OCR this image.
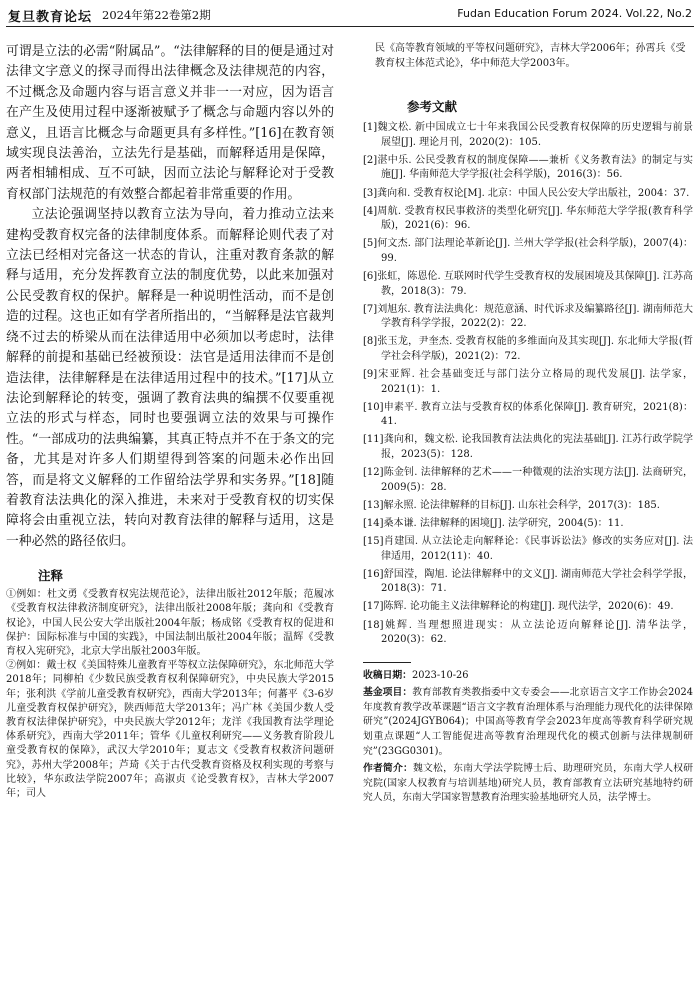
复旦教育论坛 2024年第22卷第2期	Fudan Education Forum 2024. Vol.22, No.2

可谓是立法的必需“附属品”。“法律解释的目的便是通过对法律文字意义的探寻而得出法律概念及法律规范的内容，不过概念及命题内容与语言意义并非一一对应，因为语言在产生及使用过程中逐渐被赋予了概念与命题内容以外的意义，且语言比概念与命题更具有多样性。”[16]在教育领域实现良法善治，立法先行是基础，而解释适用是保障，两者相辅相成、互不可缺，因而立法论与解释论对于受教育权部门法规范的有效整合都起着非常重要的作用。

立法论强调坚持以教育立法为导向，着力推动立法来建构受教育权完备的法律制度体系。而解释论则代表了对立法已经相对完备这一状态的肯认，注重对教育条款的解释与适用，充分发挥教育立法的制度优势，以此来加强对公民受教育权的保护。解释是一种说明性活动，而不是创造的过程。这也正如有学者所指出的，“当解释是法官裁判绕不过去的桥梁从而在法律适用中必须加以考虑时，法律解释的前提和基础已经被预设：法官是适用法律而不是创造法律，法律解释是在法律适用过程中的技术。”[17]从立法论到解释论的转变，强调了教育法典的编撰不仅要重视立法的形式与样态，同时也要强调立法的效果与可操作性。“一部成功的法典编纂，其真正特点并不在于条文的完备，尤其是对许多人们期望得到答案的问题未必作出回答，而是将文义解释的工作留给法学界和实务界。”[18]随着教育法法典化的深入推进，未来对于受教育权的切实保障将会由重视立法，转向对教育法律的解释与适用，这是一种必然的路径依归。

注释

①例如：杜文勇《受教育权宪法规范论》，法律出版社2012年版；范履冰《受教育权法律救济制度研究》，法律出版社2008年版；龚向和《受教育权论》，中国人民公安大学出版社2004年版；杨成铭《受教育权的促进和保护：国际标准与中国的实践》，中国法制出版社2004年版；温辉《受教育权入宪研究》，北京大学出版社2003年版。

②例如：戴士权《美国特殊儿童教育平等权立法保障研究》，东北师范大学2018年；同柳柏《少数民族受教育权利保障研究》，中央民族大学2015年；张利洪《学前儿童受教育权研究》，西南大学2013年；何蕃平《3-6岁儿童受教育权保护研究》，陕西师范大学2013年；冯广林《美国少数人受教育权法律保护研究》，中央民族大学2012年；龙洋《我国教育法学理论体系研究》，西南大学2011年；管华《儿童权利研究——义务教育阶段儿童受教育权的保障》，武汉大学2010年；夏志文《受教育权救济问题研究》，苏州大学2008年；芦琦《关于古代受教育资格及权利实现的考察与比较》，华东政法学院2007年；高淑贞《论受教育权》，吉林大学2007年；司人

民《高等教育领域的平等权问题研究》，吉林大学2006年；孙霄兵《受教育权主体范式论》，华中师范大学2003年。

参考文献

[1]魏文松. 新中国成立七十年来我国公民受教育权保障的历史逻辑与前景展望[J]. 理论月刊，2020(2)：105.

[2]湛中乐. 公民受教育权的制度保障——兼析《义务教育法》的制定与实施[J]. 华南师范大学学报(社会科学版)，2016(3)：56.

[3]龚向和. 受教育权论[M]. 北京：中国人民公安大学出版社，2004：37.

[4]周航. 受教育权民事救济的类型化研究[J]. 华东师范大学学报(教育科学版)，2021(6)：96.

[5]何文杰. 部门法理论革新论[J]. 兰州大学学报(社会科学版)，2007(4)：99.

[6]张虹，陈恩伦. 互联网时代学生受教育权的发展困境及其保障[J]. 江苏高教，2018(3)：79.

[7]刘旭东. 教育法法典化：规范意涵、时代诉求及编纂路径[J]. 湖南师范大学教育科学学报，2022(2)：22.

[8]张玉龙，尹奎杰. 受教育权能的多维面向及其实现[J]. 东北师大学报(哲学社会科学版)，2021(2)：72.

[9]宋亚辉. 社会基础变迁与部门法分立格局的现代发展[J]. 法学家，2021(1)：1.

[10]申素平. 教育立法与受教育权的体系化保障[J]. 教育研究，2021(8)：41.

[11]龚向和，魏文松. 论我国教育法法典化的宪法基础[J]. 江苏行政学院学报，2023(5)：128.

[12]陈金钊. 法律解释的艺术——一种微观的法治实现方法[J]. 法商研究，2009(5)：28.

[13]解永照. 论法律解释的目标[J]. 山东社会科学，2017(3)：185.

[14]桑本谦. 法律解释的困境[J]. 法学研究，2004(5)：11.

[15]肖建国. 从立法论走向解释论：《民事诉讼法》修改的实务应对[J]. 法律适用，2012(11)：40.

[16]舒国滢，陶旭. 论法律解释中的文义[J]. 湖南师范大学社会科学学报，2018(3)：71.

[17]陈辉. 论功能主义法律解释论的构建[J]. 现代法学，2020(6)：49.

[18]姚辉. 当理想照进现实：从立法论迈向解释论[J]. 清华法学，2020(3)：62.

收稿日期：2023-10-26

基金项目：教育部教育类教指委中文专委会——北京语言文字工作协会2024年度教育教学改革课题“语言文字教育治理体系与治理能力现代化的法律保障研究”(2024JGYB064)；中国高等教育学会2023年度高等教育科学研究规划重点课题“人工智能促进高等教育治理现代化的模式创新与法律规制研究”(23GG0301)。

作者简介：魏文松，东南大学法学院博士后、助理研究员，东南大学人权研究院(国家人权教育与培训基地)研究人员，教育部教育立法研究基地特约研究人员，东南大学国家智慧教育治理实验基地研究人员，法学博士。
